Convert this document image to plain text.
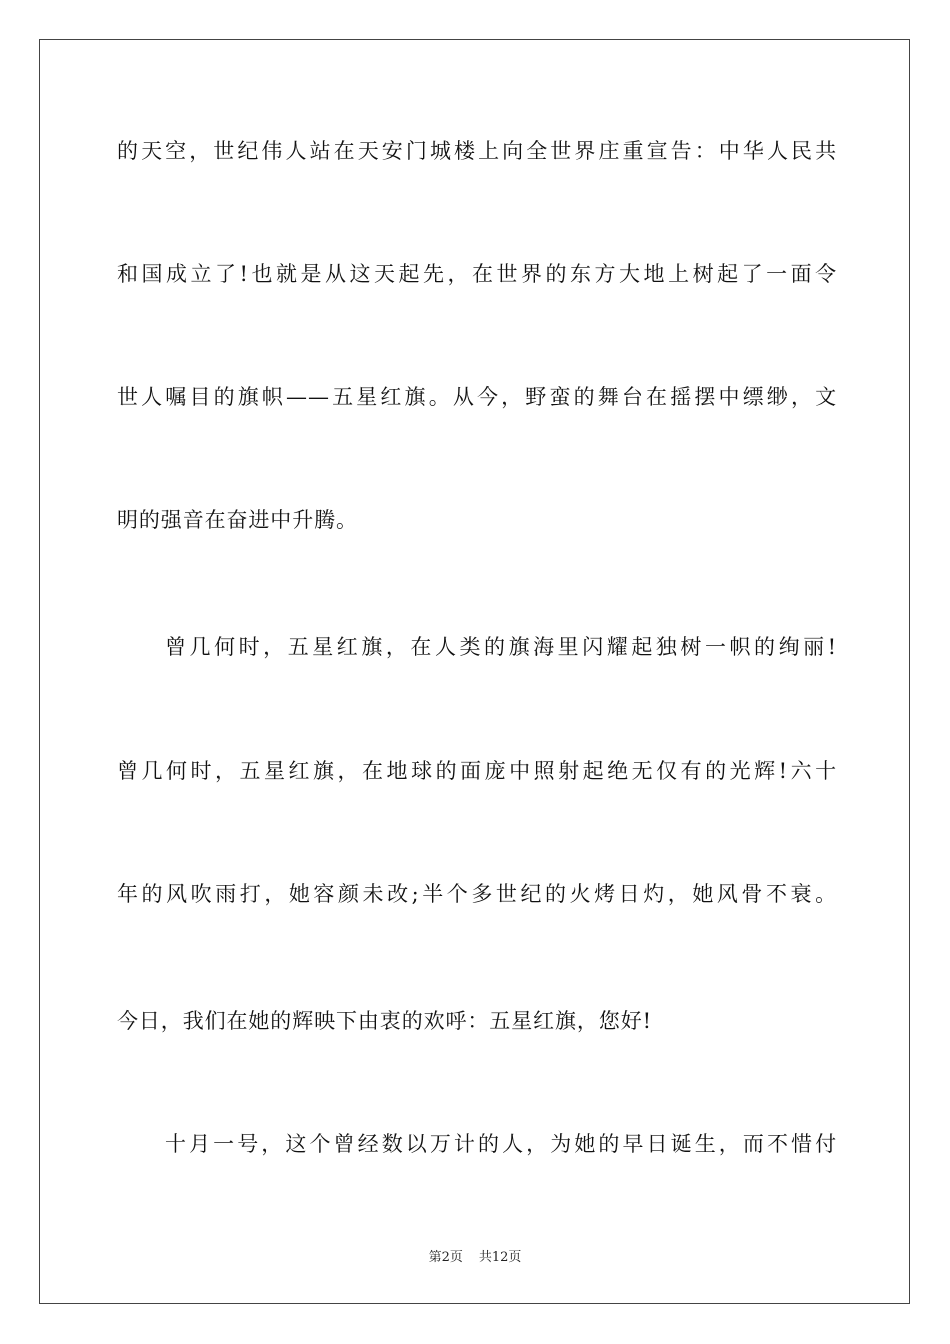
的天空，世纪伟人站在天安门城楼上向全世界庄重宣告：中华人民共
和国成立了!也就是从这天起先，在世界的东方大地上树起了一面令
世人嘱目的旗帜——五星红旗。从今，野蛮的舞台在摇摆中缥缈，文
明的强音在奋进中升腾。
曾几何时，五星红旗，在人类的旗海里闪耀起独树一帜的绚丽!
曾几何时，五星红旗，在地球的面庞中照射起绝无仅有的光辉!六十
年的风吹雨打，她容颜未改;半个多世纪的火烤日灼，她风骨不衰。
今日，我们在她的辉映下由衷的欢呼：五星红旗，您好!
十月一号，这个曾经数以万计的人，为她的早日诞生，而不惜付
第2页 共12页
